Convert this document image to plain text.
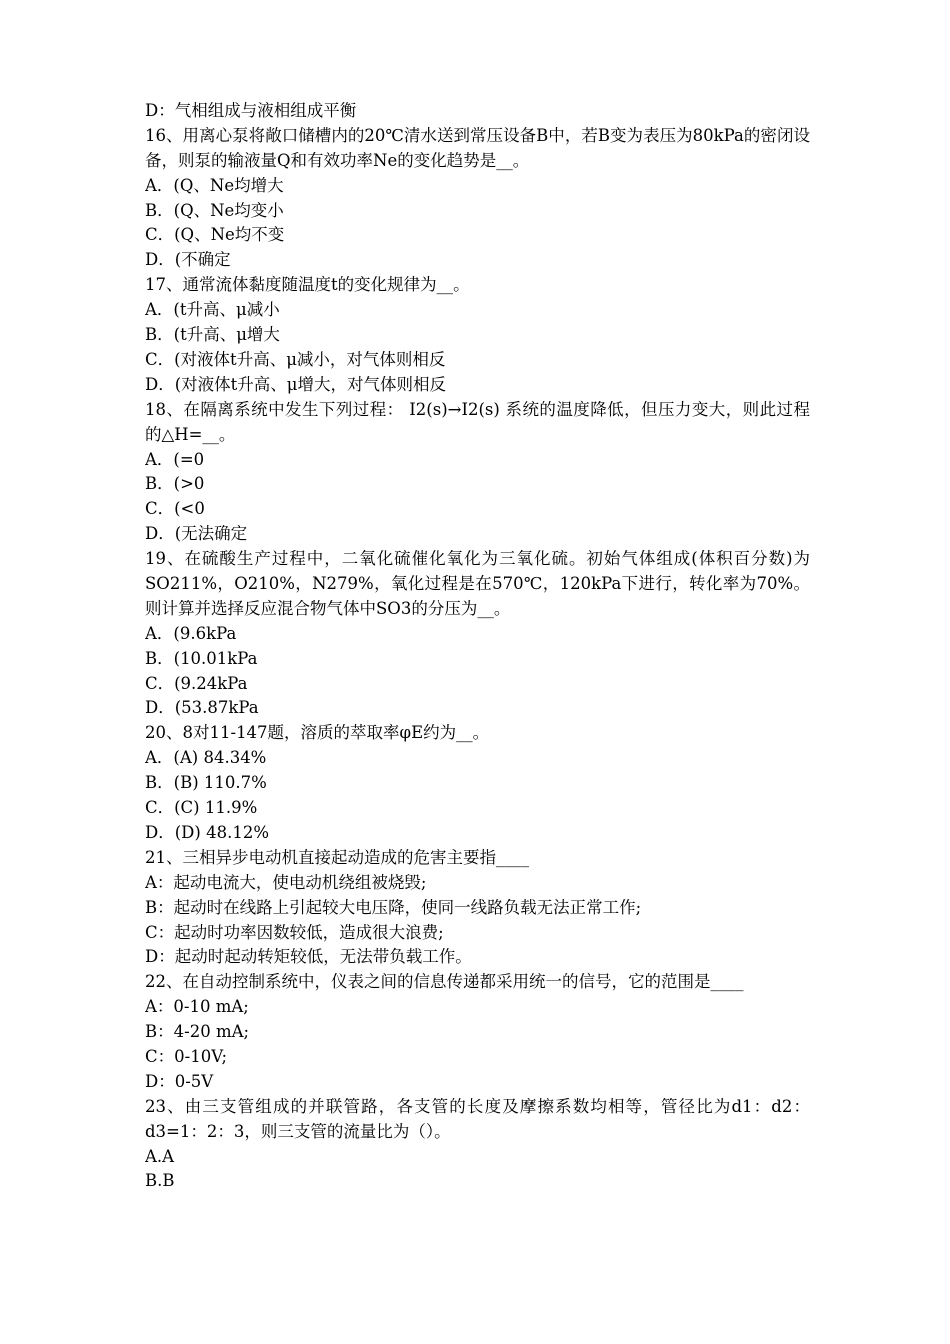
D：气相组成与液相组成平衡
16、用离心泵将敞口储槽内的20℃清水送到常压设备B中，若B变为表压为80kPa的密闭设备，则泵的输液量Q和有效功率Ne的变化趋势是__。
A．(Q、Ne均增大
B．(Q、Ne均变小
C．(Q、Ne均不变
D．(不确定
17、通常流体黏度随温度t的变化规律为__。
A．(t升高、μ减小
B．(t升高、μ增大
C．(对液体t升高、μ减小，对气体则相反
D．(对液体t升高、μ增大，对气体则相反
18、在隔离系统中发生下列过程： I2(s)→I2(s) 系统的温度降低，但压力变大，则此过程的△H=__。
A．(=0
B．(>0
C．(<0
D．(无法确定
19、在硫酸生产过程中，二氧化硫催化氧化为三氧化硫。初始气体组成(体积百分数)为SO211%，O210%，N279%，氧化过程是在570℃，120kPa下进行，转化率为70%。则计算并选择反应混合物气体中SO3的分压为__。
A．(9.6kPa
B．(10.01kPa
C．(9.24kPa
D．(53.87kPa
20、8对11-147题，溶质的萃取率φE约为__。
A．(A) 84.34%
B．(B) 110.7%
C．(C) 11.9%
D．(D) 48.12%
21、三相异步电动机直接起动造成的危害主要指____
A：起动电流大，使电动机绕组被烧毁;
B：起动时在线路上引起较大电压降，使同一线路负载无法正常工作;
C：起动时功率因数较低，造成很大浪费;
D：起动时起动转矩较低，无法带负载工作。
22、在自动控制系统中，仪表之间的信息传递都采用统一的信号，它的范围是____
A：0-10 mA;
B：4-20 mA;
C：0-10V;
D：0-5V
23、由三支管组成的并联管路，各支管的长度及摩擦系数均相等，管径比为d1：d2：d3=1：2：3，则三支管的流量比为（）。
A.A
B.B
